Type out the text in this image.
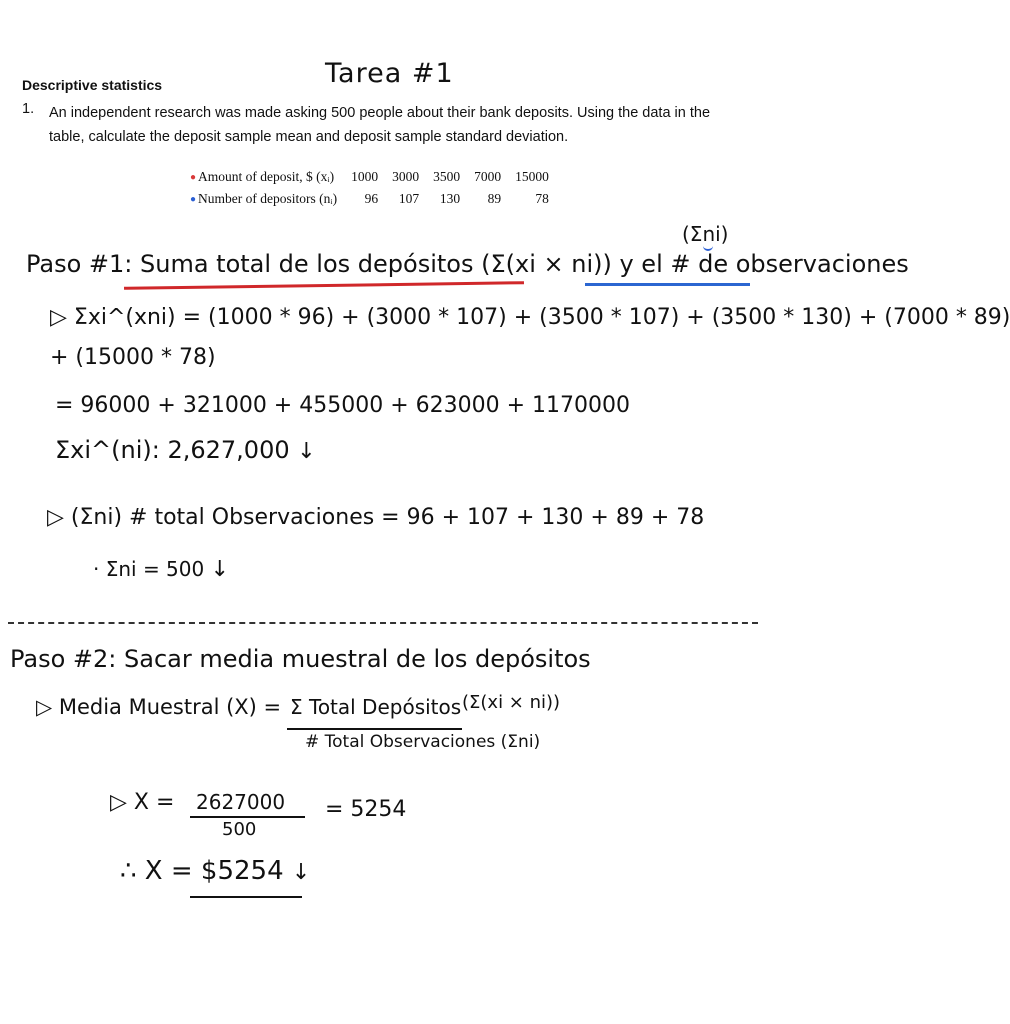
Descriptive statistics	Tarea #1
1. An independent research was made asking 500 people about their bank deposits. Using the data in the table, calculate the deposit sample mean and deposit sample standard deviation.
● Amount of deposit, $ (xᵢ)	1000	3000	3500	7000	15000
● Number of depositors (nᵢ)	96	107	130	89	78
(Σni)
Paso #1: Suma total de los depósitos (Σ(xi × ni)) y el # de observaciones
▷ Σxi^(xni) = (1000 * 96) + (3000 * 107) + (3500 * 107) + (3500 * 130) + (7000 * 89)
+ (15000 * 78)
= 96000 + 321000 + 455000 + 623000 + 1170000
Σxi^(ni): 2,627,000 ↓
▷ (Σni) # total Observaciones = 96 + 107 + 130 + 89 + 78
· Σni = 500 ↓
Paso #2: Sacar media muestral de los depósitos
▷ Media Muestral (X) = Σ Total Depósitos (Σ(xi × ni))
# Total Observaciones (Σni)
▷ X = 2627000
500
= 5254
∴ X = $5254 ↓
